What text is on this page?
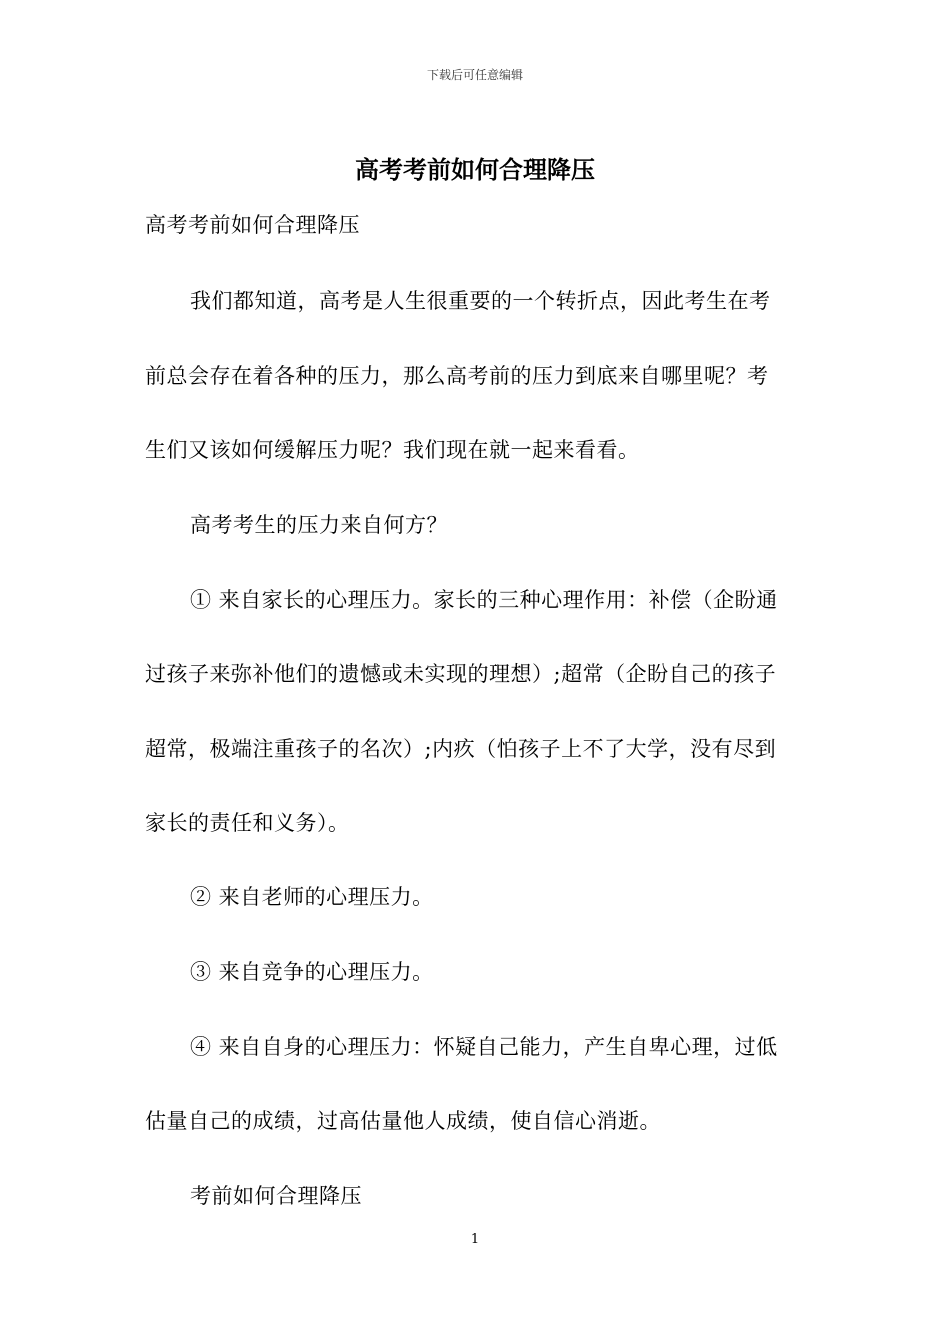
下载后可任意编辑
高考考前如何合理降压
高考考前如何合理降压
我们都知道，高考是人生很重要的一个转折点，因此考生在考
前总会存在着各种的压力，那么高考前的压力到底来自哪里呢？考
生们又该如何缓解压力呢？我们现在就一起来看看。
高考考生的压力来自何方？
① 来自家长的心理压力。家长的三种心理作用：补偿（企盼通
过孩子来弥补他们的遗憾或未实现的理想）;超常（企盼自己的孩子
超常，极端注重孩子的名次）;内疚（怕孩子上不了大学，没有尽到
家长的责任和义务）。
② 来自老师的心理压力。
③ 来自竞争的心理压力。
④ 来自自身的心理压力：怀疑自己能力，产生自卑心理，过低
估量自己的成绩，过高估量他人成绩，使自信心消逝。
考前如何合理降压
1
